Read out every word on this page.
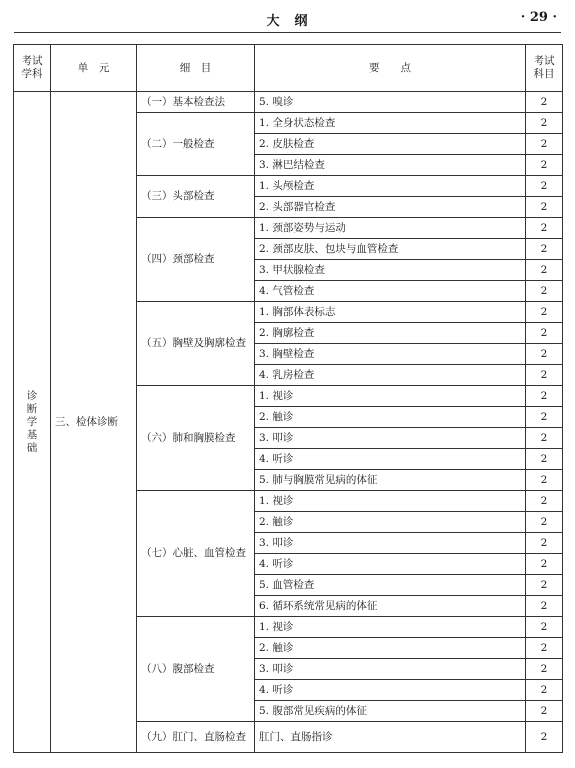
大　纲	· 29 ·
考试学科	单　元	细　目	要　　点	考试科目

诊断学基础	三、检体诊断	（一）基本检查法	5. 嗅诊	2
		（二）一般检查	1. 全身状态检查	2
			2. 皮肤检查	2
			3. 淋巴结检查	2
		（三）头部检查	1. 头颅检查	2
			2. 头部器官检查	2
		（四）颈部检查	1. 颈部姿势与运动	2
			2. 颈部皮肤、包块与血管检查	2
			3. 甲状腺检查	2
			4. 气管检查	2
		（五）胸壁及胸廓检查	1. 胸部体表标志	2
			2. 胸廓检查	2
			3. 胸壁检查	2
			4. 乳房检查	2
		（六）肺和胸膜检查	1. 视诊	2
			2. 触诊	2
			3. 叩诊	2
			4. 听诊	2
			5. 肺与胸膜常见病的体征	2
		（七）心脏、血管检查	1. 视诊	2
			2. 触诊	2
			3. 叩诊	2
			4. 听诊	2
			5. 血管检查	2
			6. 循环系统常见病的体征	2
		（八）腹部检查	1. 视诊	2
			2. 触诊	2
			3. 叩诊	2
			4. 听诊	2
			5. 腹部常见疾病的体征	2
		（九）肛门、直肠检查	肛门、直肠指诊	2
